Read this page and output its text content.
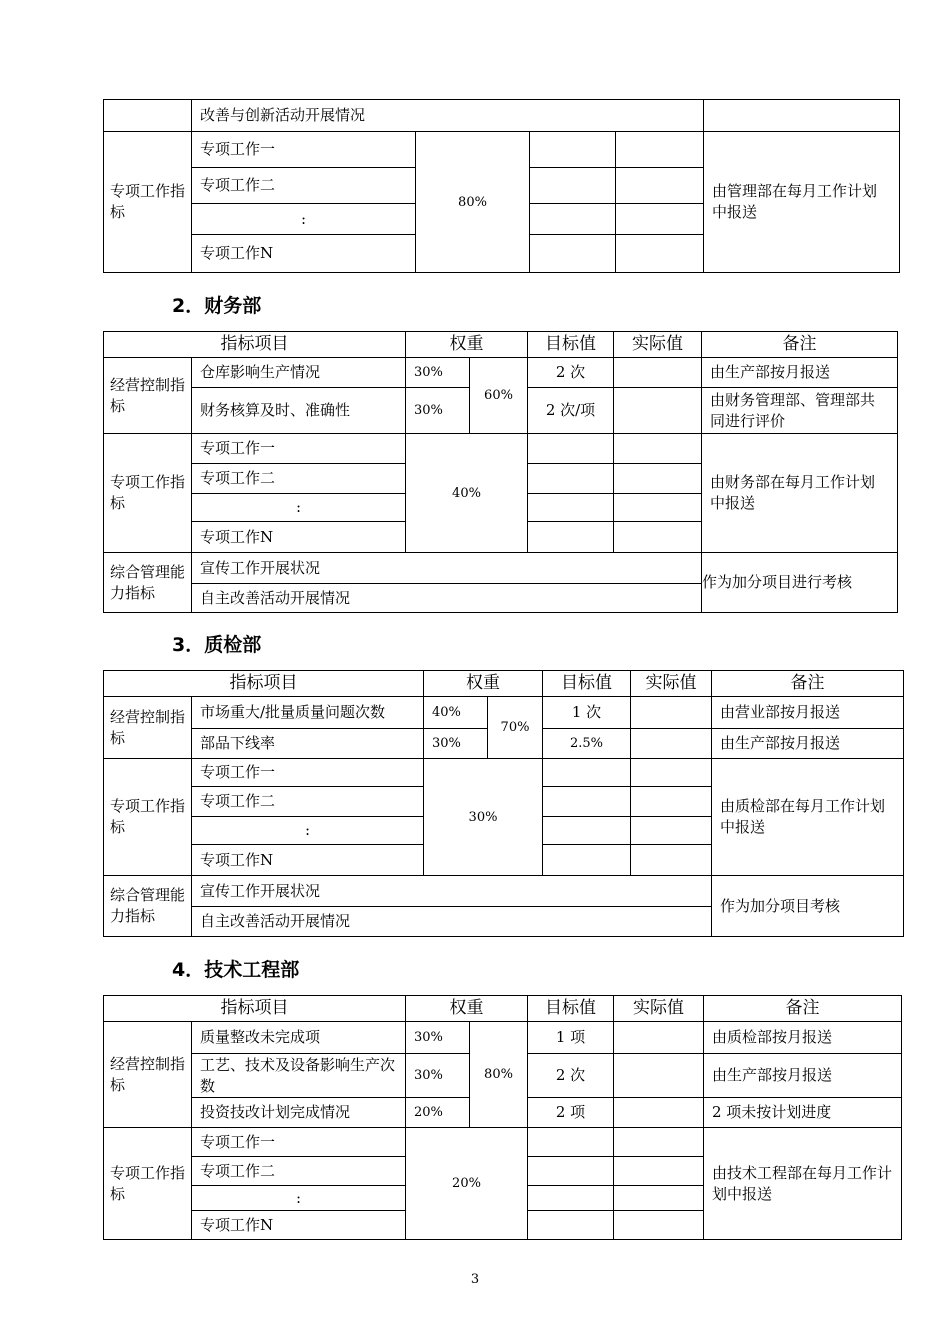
	改善与创新活动开展情况				
专项工作指标	专项工作一	80%			由管理部在每月工作计划中报送
	专项工作二				
	:				
	专项工作N				
2．财务部
指标项目		权重		目标值	实际值	备注
经营控制指标	仓库影响生产情况	30%	60%	2 次		由生产部按月报送
	财务核算及时、准确性	30%		2 次/项		由财务管理部、管理部共同进行评价
专项工作指标	专项工作一	40%				由财务部在每月工作计划中报送
	专项工作二					
	:					
	专项工作N					
综合管理能力指标	宣传工作开展状况					作为加分项目进行考核
	自主改善活动开展情况					
3．质检部
指标项目		权重		目标值	实际值	备注
经营控制指标	市场重大/批量质量问题次数	40%	70%	1 次		由营业部按月报送
	部品下线率	30%		2.5%		由生产部按月报送
专项工作指标	专项工作一	30%				由质检部在每月工作计划中报送
	专项工作二					
	:					
	专项工作N					
综合管理能力指标	宣传工作开展状况					作为加分项目考核
	自主改善活动开展情况					
4．技术工程部
指标项目		权重		目标值	实际值	备注
经营控制指标	质量整改未完成项	30%	80%	1 项		由质检部按月报送
	工艺、技术及设备影响生产次数	30%		2 次		由生产部按月报送
	投资技改计划完成情况	20%		2 项		2 项未按计划进度
专项工作指标	专项工作一	20%				由技术工程部在每月工作计划中报送
	专项工作二					
	:					
	专项工作N					
3
